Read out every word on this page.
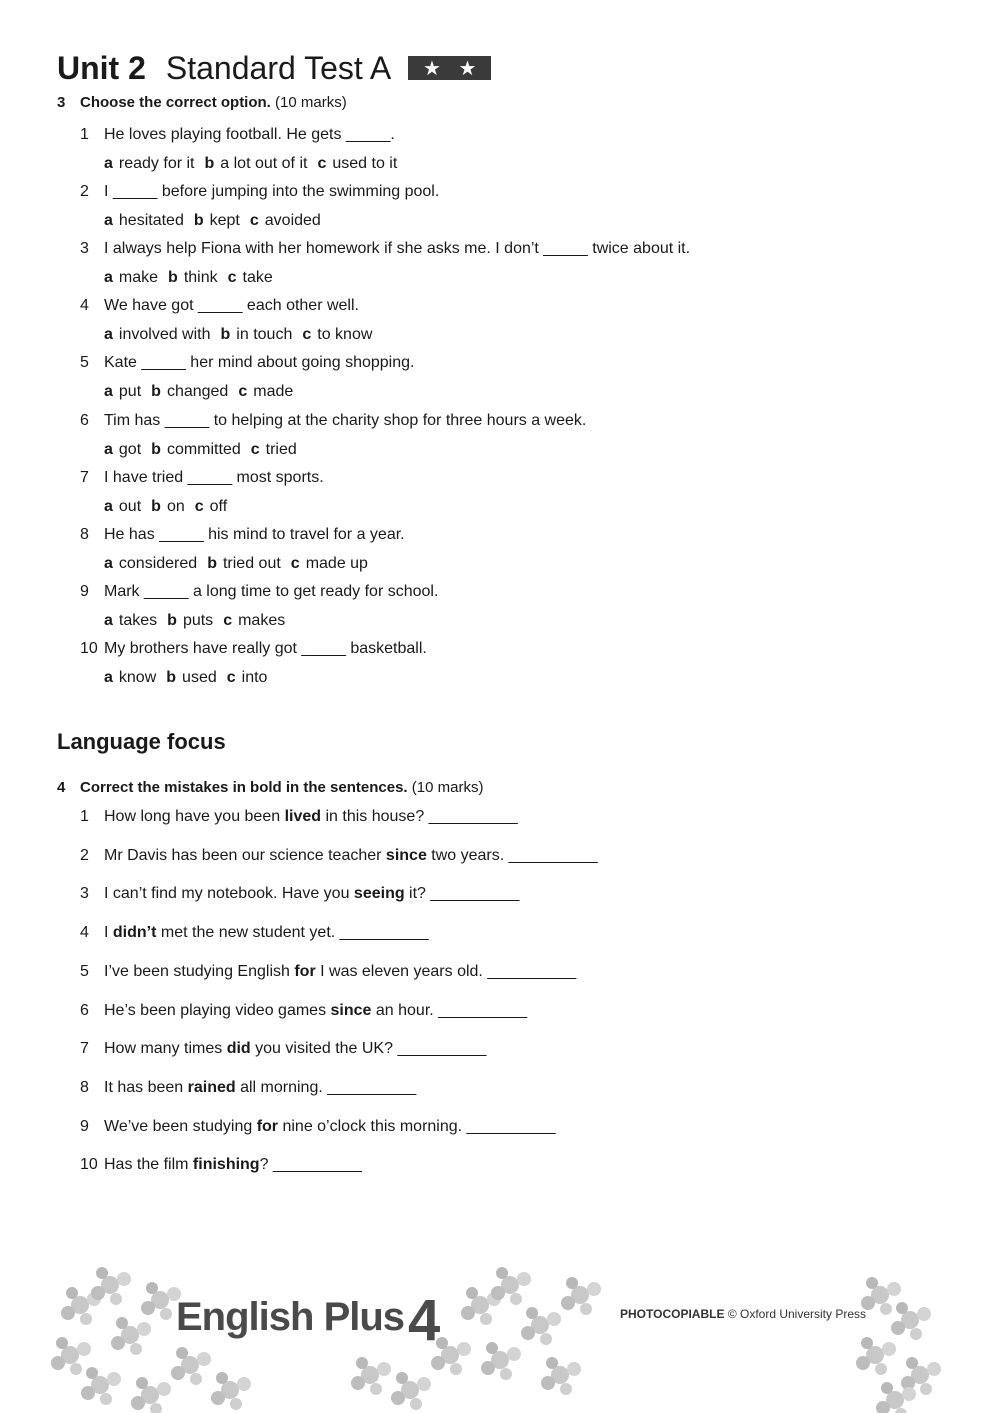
Unit 2 Standard Test A ★ ★
3 Choose the correct option. (10 marks)
1 He loves playing football. He gets _____.
a ready for it b a lot out of it c used to it
2 I _____ before jumping into the swimming pool.
a hesitated b kept c avoided
3 I always help Fiona with her homework if she asks me. I don’t _____ twice about it.
a make b think c take
4 We have got _____ each other well.
a involved with b in touch c to know
5 Kate _____ her mind about going shopping.
a put b changed c made
6 Tim has _____ to helping at the charity shop for three hours a week.
a got b committed c tried
7 I have tried _____ most sports.
a out b on c off
8 He has _____ his mind to travel for a year.
a considered b tried out c made up
9 Mark _____ a long time to get ready for school.
a takes b puts c makes
10 My brothers have really got _____ basketball.
a know b used c into
Language focus
4 Correct the mistakes in bold in the sentences. (10 marks)
1 How long have you been lived in this house? __________
2 Mr Davis has been our science teacher since two years. __________
3 I can’t find my notebook. Have you seeing it? __________
4 I didn’t met the new student yet. __________
5 I’ve been studying English for I was eleven years old. __________
6 He’s been playing video games since an hour. __________
7 How many times did you visited the UK? __________
8 It has been rained all morning. __________
9 We’ve been studying for nine o’clock this morning. __________
10 Has the film finishing? __________
English Plus 4	PHOTOCOPIABLE © Oxford University Press
